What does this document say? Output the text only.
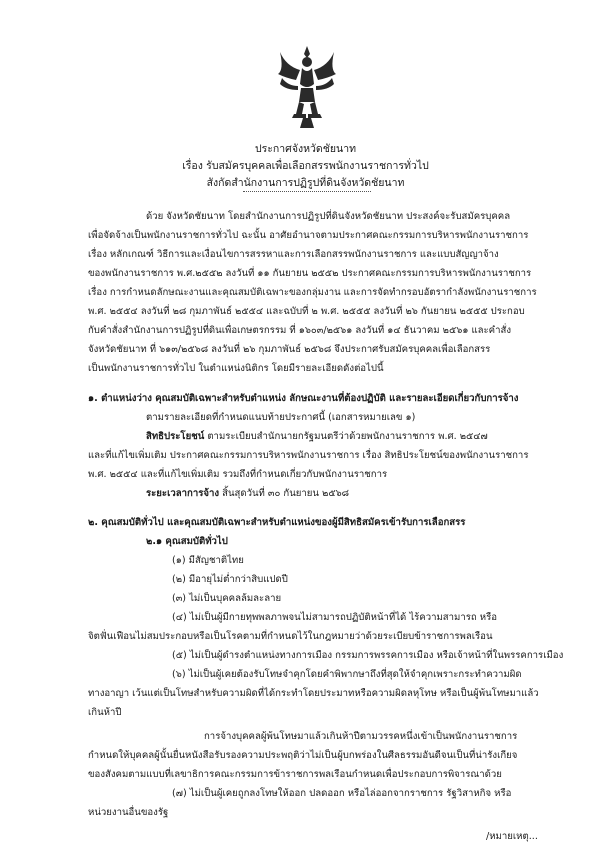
ประกาศจังหวัดชัยนาท
เรื่อง รับสมัครบุคคลเพื่อเลือกสรรพนักงานราชการทั่วไป
สังกัดสำนักงานการปฏิรูปที่ดินจังหวัดชัยนาท
ด้วย จังหวัดชัยนาท โดยสำนักงานการปฏิรูปที่ดินจังหวัดชัยนาท ประสงค์จะรับสมัครบุคคล
เพื่อจัดจ้างเป็นพนักงานราชการทั่วไป ฉะนั้น อาศัยอำนาจตามประกาศคณะกรรมการบริหารพนักงานราชการ
เรื่อง หลักเกณฑ์ วิธีการและเงื่อนไขการสรรหาและการเลือกสรรพนักงานราชการ และแบบสัญญาจ้าง
ของพนักงานราชการ พ.ศ.๒๕๕๒ ลงวันที่ ๑๑ กันยายน ๒๕๕๒ ประกาศคณะกรรมการบริหารพนักงานราชการ
เรื่อง การกำหนดลักษณะงานและคุณสมบัติเฉพาะของกลุ่มงาน และการจัดทำกรอบอัตรากำลังพนักงานราชการ
พ.ศ. ๒๕๕๔ ลงวันที่ ๒๘ กุมภาพันธ์ ๒๕๕๔ และฉบับที่ ๒ พ.ศ. ๒๕๕๕ ลงวันที่ ๒๖ กันยายน ๒๕๕๕ ประกอบ
กับคำสั่งสำนักงานการปฏิรูปที่ดินเพื่อเกษตรกรรม ที่ ๑๖๐๓/๒๕๖๑ ลงวันที่ ๑๔ ธันวาคม ๒๕๖๑ และคำสั่ง
จังหวัดชัยนาท ที่ ๖๑๓/๒๕๖๘ ลงวันที่ ๒๖ กุมภาพันธ์ ๒๕๖๘ จึงประกาศรับสมัครบุคคลเพื่อเลือกสรร
เป็นพนักงานราชการทั่วไป ในตำแหน่งนิติกร โดยมีรายละเอียดดังต่อไปนี้
๑. ตำแหน่งว่าง คุณสมบัติเฉพาะสำหรับตำแหน่ง ลักษณะงานที่ต้องปฏิบัติ และรายละเอียดเกี่ยวกับการจ้าง
ตามรายละเอียดที่กำหนดแนบท้ายประกาศนี้ (เอกสารหมายเลข ๑)
สิทธิประโยชน์ ตามระเบียบสำนักนายกรัฐมนตรีว่าด้วยพนักงานราชการ พ.ศ. ๒๕๔๗
และที่แก้ไขเพิ่มเติม ประกาศคณะกรรมการบริหารพนักงานราชการ เรื่อง สิทธิประโยชน์ของพนักงานราชการ
พ.ศ. ๒๕๕๔ และที่แก้ไขเพิ่มเติม รวมถึงที่กำหนดเกี่ยวกับพนักงานราชการ
ระยะเวลาการจ้าง สิ้นสุดวันที่ ๓๐ กันยายน ๒๕๖๘
๒. คุณสมบัติทั่วไป และคุณสมบัติเฉพาะสำหรับตำแหน่งของผู้มีสิทธิสมัครเข้ารับการเลือกสรร
๒.๑ คุณสมบัติทั่วไป
(๑) มีสัญชาติไทย
(๒) มีอายุไม่ต่ำกว่าสิบแปดปี
(๓) ไม่เป็นบุคคลล้มละลาย
(๔) ไม่เป็นผู้มีกายทุพพลภาพจนไม่สามารถปฏิบัติหน้าที่ได้ ไร้ความสามารถ หรือ
จิตฟั่นเฟือนไม่สมประกอบหรือเป็นโรคตามที่กำหนดไว้ในกฎหมายว่าด้วยระเบียบข้าราชการพลเรือน
(๕) ไม่เป็นผู้ดำรงตำแหน่งทางการเมือง กรรมการพรรคการเมือง หรือเจ้าหน้าที่ในพรรคการเมือง
(๖) ไม่เป็นผู้เคยต้องรับโทษจำคุกโดยคำพิพากษาถึงที่สุดให้จำคุกเพราะกระทำความผิด
ทางอาญา เว้นแต่เป็นโทษสำหรับความผิดที่ได้กระทำโดยประมาทหรือความผิดลหุโทษ หรือเป็นผู้พ้นโทษมาแล้ว
เกินห้าปี
การจ้างบุคคลผู้พ้นโทษมาแล้วเกินห้าปีตามวรรคหนึ่งเข้าเป็นพนักงานราชการ
กำหนดให้บุคคลผู้นั้นยื่นหนังสือรับรองความประพฤติว่าไม่เป็นผู้บกพร่องในศีลธรรมอันดีจนเป็นที่น่ารังเกียจ
ของสังคมตามแบบที่เลขาธิการคณะกรรมการข้าราชการพลเรือนกำหนดเพื่อประกอบการพิจารณาด้วย
(๗) ไม่เป็นผู้เคยถูกลงโทษให้ออก ปลดออก หรือไล่ออกจากราชการ รัฐวิสาหกิจ หรือ
หน่วยงานอื่นของรัฐ
/หมายเหตุ...
